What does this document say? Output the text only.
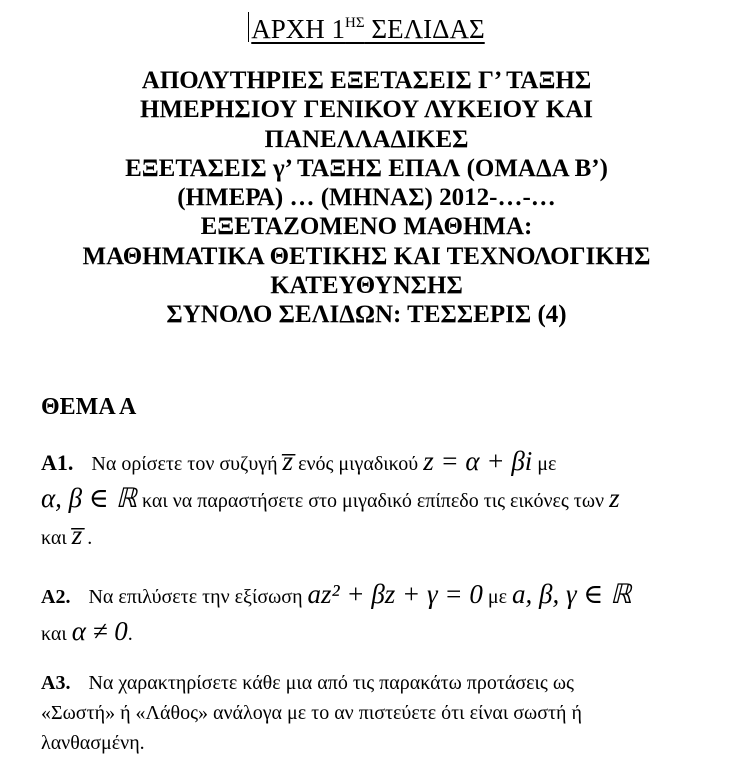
ΑΡΧΗ $1^{H\Sigma}$ ΣΕΛΙΔΑΣ
ΑΠΟΛΥΤΗΡΙΕΣ ΕΞΕΤΑΣΕΙΣ Γ’ ΤΑΞΗΣ
ΗΜΕΡΗΣΙΟΥ ΓΕΝΙΚΟΥ ΛΥΚΕΙΟΥ ΚΑΙ
ΠΑΝΕΛΛΑΔΙΚΕΣ
ΕΞΕΤΑΣΕΙΣ γ’ ΤΑΞΗΣ ΕΠΑΛ (ΟΜΑΔΑ Β’)
(ΗΜΕΡΑ) … (ΜΗΝΑΣ) 2012-…-…
ΕΞΕΤΑΖΟΜΕΝΟ ΜΑΘΗΜΑ:
ΜΑΘΗΜΑΤΙΚΑ ΘΕΤΙΚΗΣ ΚΑΙ ΤΕΧΝΟΛΟΓΙΚΗΣ
ΚΑΤΕΥΘΥΝΣΗΣ
ΣΥΝΟΛΟ ΣΕΛΙΔΩΝ: ΤΕΣΣΕΡΙΣ (4)
ΘΕΜΑ Α
Α1. Να ορίσετε τον συζυγή z̅ ενός μιγαδικού z = α + βi με
α, β ∈ ℝ και να παραστήσετε στο μιγαδικό επίπεδο τις εικόνες των z
και z̅ .
Α2. Να επιλύσετε την εξίσωση az² + βz + γ = 0 με a, β, γ ∈ ℝ
και α ≠ 0.
Α3. Να χαρακτηρίσετε κάθε μια από τις παρακάτω προτάσεις ως
«Σωστή» ή «Λάθος» ανάλογα με το αν πιστεύετε ότι είναι σωστή ή
λανθασμένη.
